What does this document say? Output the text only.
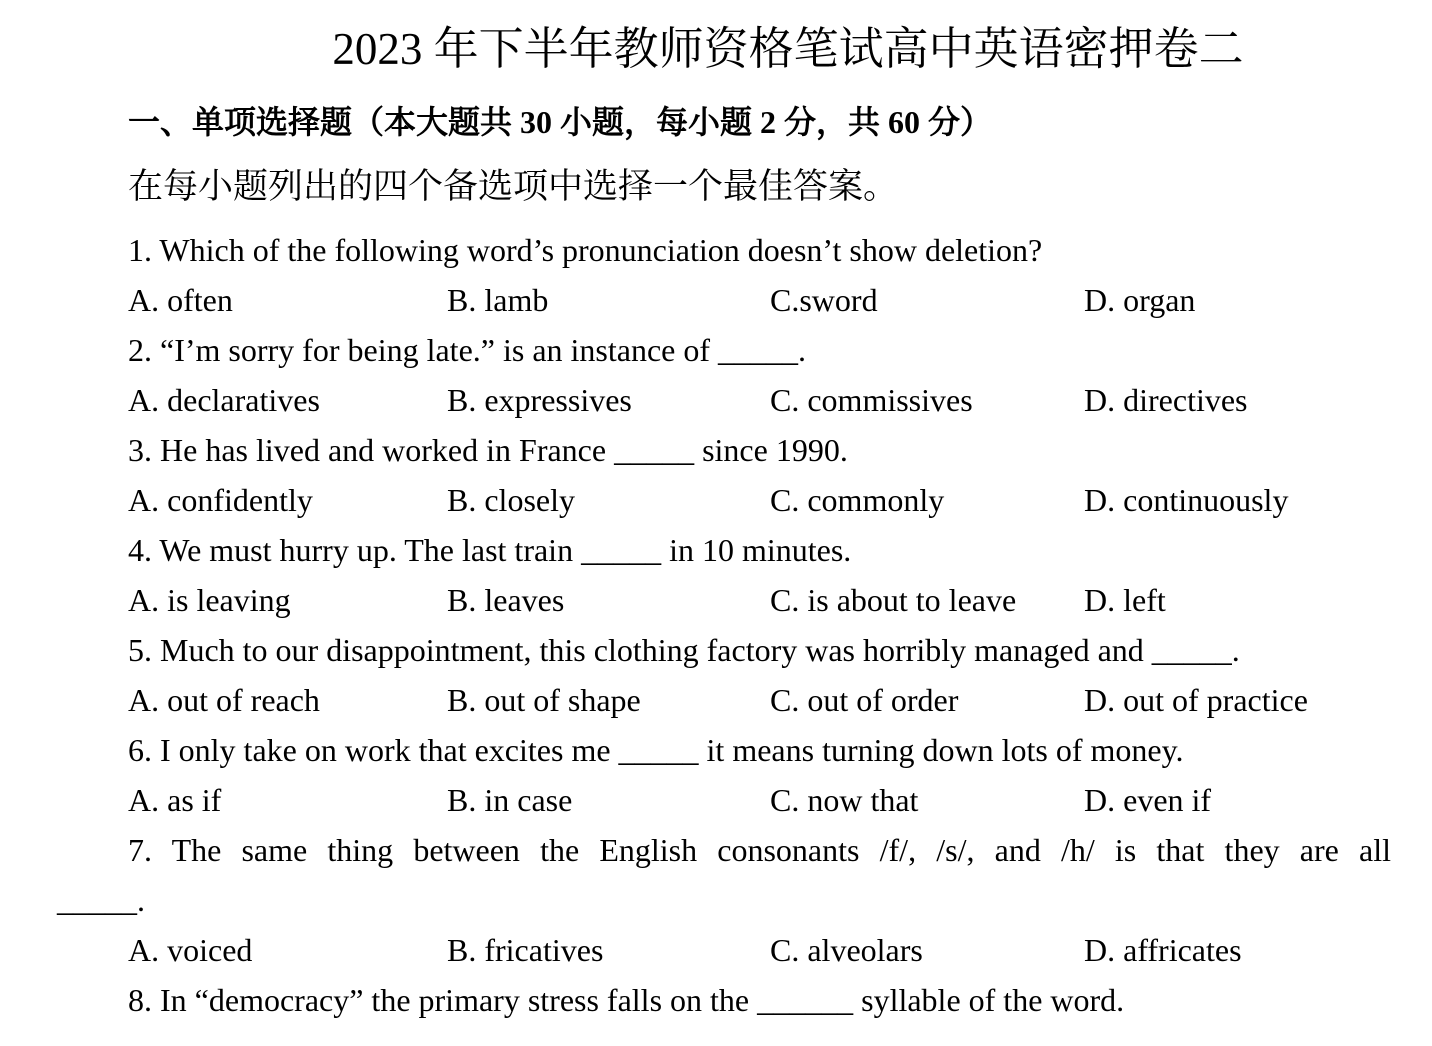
2023 年下半年教师资格笔试高中英语密押卷二
一、单项选择题（本大题共 30 小题，每小题 2 分，共 60 分）
在每小题列出的四个备选项中选择一个最佳答案。
1. Which of the following word’s pronunciation doesn’t show deletion?
A. often	B. lamb	C.sword	D. organ
2. “I’m sorry for being late.” is an instance of _____.
A. declaratives	B. expressives	C. commissives	D. directives
3. He has lived and worked in France _____ since 1990.
A. confidently	B. closely	C. commonly	D. continuously
4. We must hurry up. The last train _____ in 10 minutes.
A. is leaving	B. leaves	C. is about to leave	D. left
5. Much to our disappointment, this clothing factory was horribly managed and _____.
A. out of reach	B. out of shape	C. out of order	D. out of practice
6. I only take on work that excites me _____ it means turning down lots of money.
A. as if	B. in case	C. now that	D. even if
7. The same thing between the English consonants /f/, /s/, and /h/ is that they are all
_____.
A. voiced	B. fricatives	C. alveolars	D. affricates
8. In “democracy” the primary stress falls on the ______ syllable of the word.
